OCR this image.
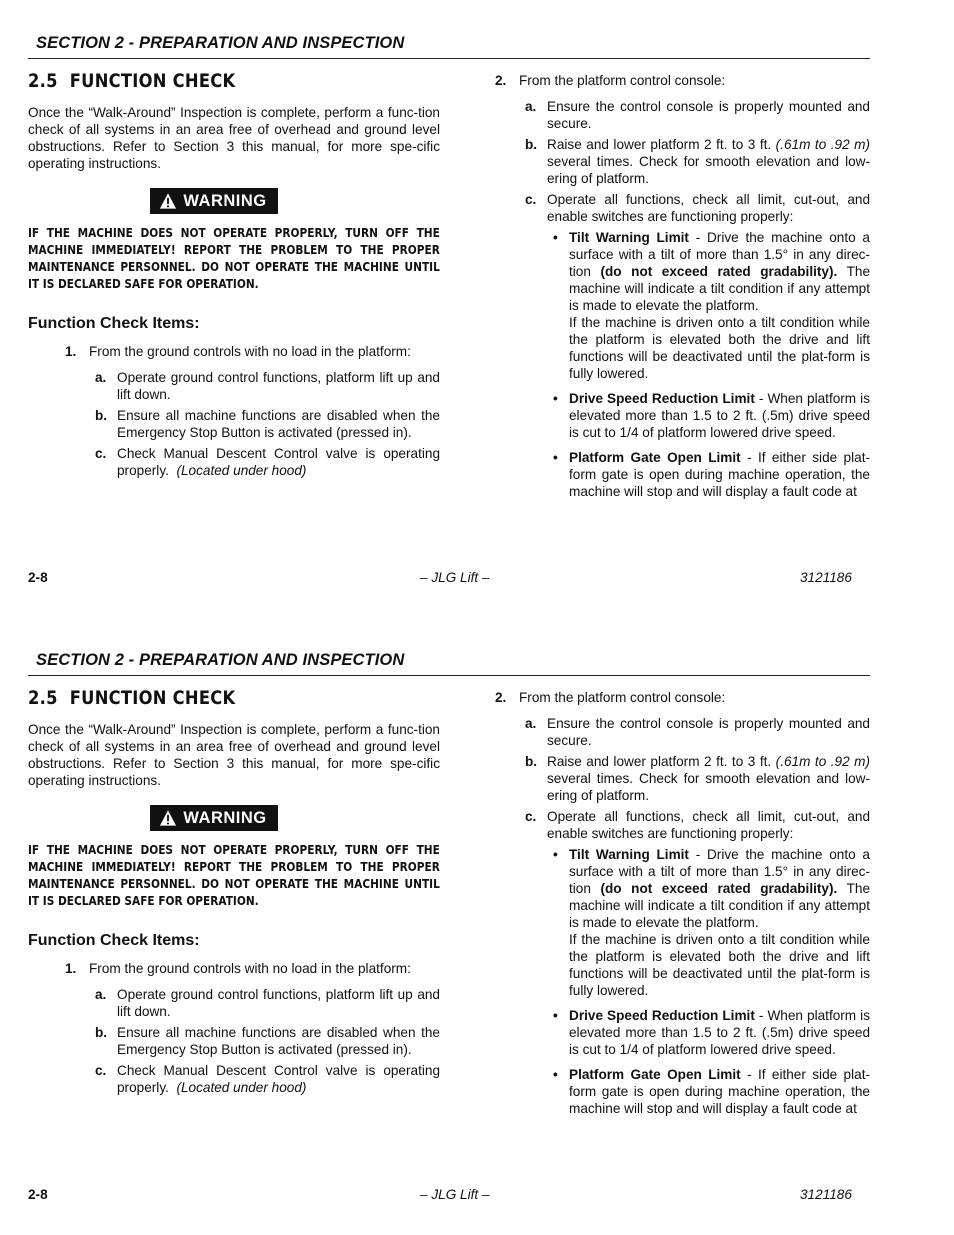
SECTION 2 - PREPARATION AND INSPECTION
2.5 FUNCTION CHECK

Once the “Walk-Around” Inspection is complete, perform a func-tion check of all systems in an area free of overhead and ground level obstructions. Refer to Section 3 this manual, for more spe-cific operating instructions.

WARNING

IF THE MACHINE DOES NOT OPERATE PROPERLY, TURN OFF THE MACHINE IMMEDIATELY! REPORT THE PROBLEM TO THE PROPER MAINTENANCE PERSONNEL. DO NOT OPERATE THE MACHINE UNTIL IT IS DECLARED SAFE FOR OPERATION.

Function Check Items:
1. From the ground controls with no load in the platform:
a. Operate ground control functions, platform lift up and lift down.
b. Ensure all machine functions are disabled when the Emergency Stop Button is activated (pressed in).
c. Check Manual Descent Control valve is operating properly. (Located under hood)
2. From the platform control console:
a. Ensure the control console is properly mounted and secure.
b. Raise and lower platform 2 ft. to 3 ft. (.61m to .92 m) several times. Check for smooth elevation and low-ering of platform.
c. Operate all functions, check all limit, cut-out, and enable switches are functioning properly:
• Tilt Warning Limit - Drive the machine onto a surface with a tilt of more than 1.5° in any direc-tion (do not exceed rated gradability). The machine will indicate a tilt condition if any attempt is made to elevate the platform.
If the machine is driven onto a tilt condition while the platform is elevated both the drive and lift functions will be deactivated until the plat-form is fully lowered.
• Drive Speed Reduction Limit - When platform is elevated more than 1.5 to 2 ft. (.5m) drive speed is cut to 1/4 of platform lowered drive speed.
• Platform Gate Open Limit - If either side plat-form gate is open during machine operation, the machine will stop and will display a fault code at
2-8	– JLG Lift –	3121186
SECTION 2 - PREPARATION AND INSPECTION
2.5 FUNCTION CHECK

Once the “Walk-Around” Inspection is complete, perform a func-tion check of all systems in an area free of overhead and ground level obstructions. Refer to Section 3 this manual, for more spe-cific operating instructions.

WARNING

IF THE MACHINE DOES NOT OPERATE PROPERLY, TURN OFF THE MACHINE IMMEDIATELY! REPORT THE PROBLEM TO THE PROPER MAINTENANCE PERSONNEL. DO NOT OPERATE THE MACHINE UNTIL IT IS DECLARED SAFE FOR OPERATION.

Function Check Items:
1. From the ground controls with no load in the platform:
a. Operate ground control functions, platform lift up and lift down.
b. Ensure all machine functions are disabled when the Emergency Stop Button is activated (pressed in).
c. Check Manual Descent Control valve is operating properly. (Located under hood)
2. From the platform control console:
a. Ensure the control console is properly mounted and secure.
b. Raise and lower platform 2 ft. to 3 ft. (.61m to .92 m) several times. Check for smooth elevation and low-ering of platform.
c. Operate all functions, check all limit, cut-out, and enable switches are functioning properly:
• Tilt Warning Limit - Drive the machine onto a surface with a tilt of more than 1.5° in any direc-tion (do not exceed rated gradability). The machine will indicate a tilt condition if any attempt is made to elevate the platform.
If the machine is driven onto a tilt condition while the platform is elevated both the drive and lift functions will be deactivated until the plat-form is fully lowered.
• Drive Speed Reduction Limit - When platform is elevated more than 1.5 to 2 ft. (.5m) drive speed is cut to 1/4 of platform lowered drive speed.
• Platform Gate Open Limit - If either side plat-form gate is open during machine operation, the machine will stop and will display a fault code at
2-8	– JLG Lift –	3121186
